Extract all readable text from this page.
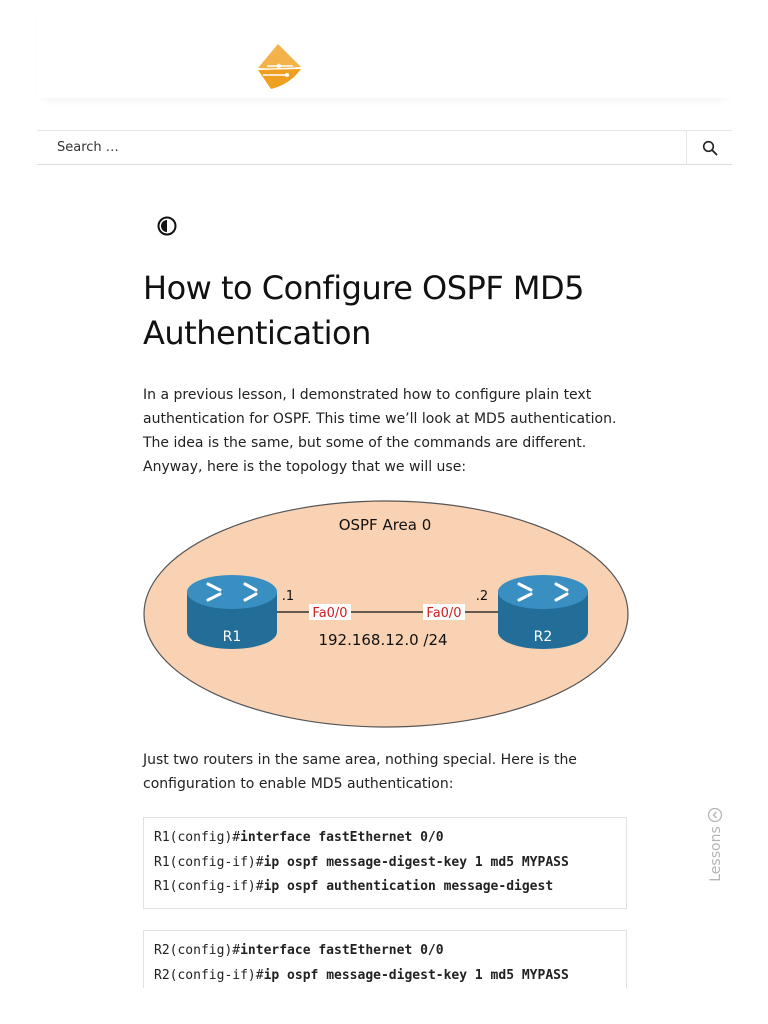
Search …
How to Configure OSPF MD5 Authentication

In a previous lesson, I demonstrated how to configure plain text authentication for OSPF. This time we’ll look at MD5 authentication. The idea is the same, but some of the commands are different. Anyway, here is the topology that we will use:

OSPF Area 0
R1	R2
.1	.2
Fa0/0	Fa0/0
192.168.12.0 /24

Just two routers in the same area, nothing special. Here is the configuration to enable MD5 authentication:

R1(config)#interface fastEthernet 0/0
R1(config-if)#ip ospf message-digest-key 1 md5 MYPASS
R1(config-if)#ip ospf authentication message-digest
R2(config)#interface fastEthernet 0/0
R2(config-if)#ip ospf message-digest-key 1 md5 MYPASS
Lessons
